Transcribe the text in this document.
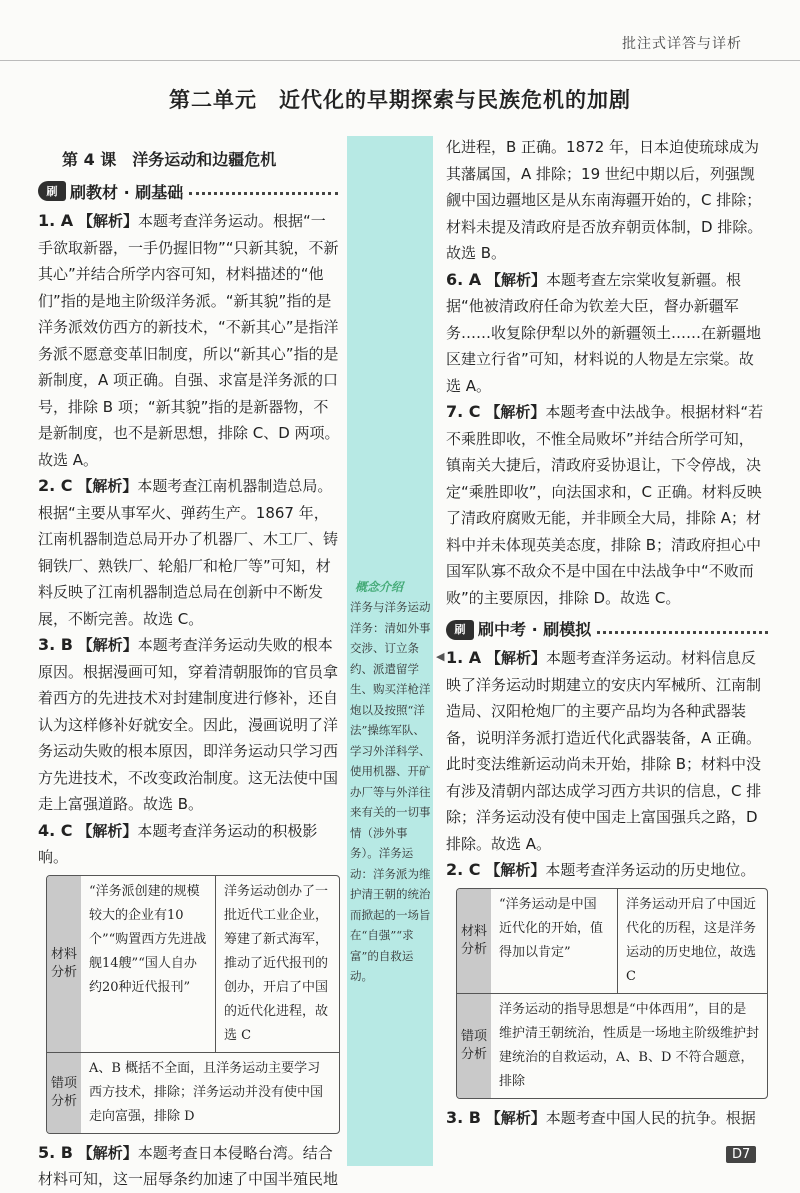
批注式详答与详析
第二单元　近代化的早期探索与民族危机的加剧
第 4 课　洋务运动和边疆危机
概念介绍
洋务与洋务运动　洋务：清如外事交涉、订立条约、派遣留学生、购买洋枪洋炮以及按照“洋法”操练军队、学习外洋科学、使用机器、开矿办厂等与外洋往来有关的一切事情（涉外事务）。洋务运动：洋务派为维护清王朝的统治而掀起的一场旨在“自强”“求富”的自救运动。
◀
刷 刷教材 · 刷基础

1. A 【解析】本题考查洋务运动。根据“一手欲取新器，一手仍握旧物”“只新其貌，不新其心”并结合所学内容可知，材料描述的“他们”指的是地主阶级洋务派。“新其貌”指的是洋务派效仿西方的新技术，“不新其心”是指洋务派不愿意变革旧制度，所以“新其心”指的是新制度，A 项正确。自强、求富是洋务派的口号，排除 B 项；“新其貌”指的是新器物，不是新制度，也不是新思想，排除 C、D 两项。故选 A。

2. C 【解析】本题考查江南机器制造总局。根据“主要从事军火、弹药生产。1867 年，江南机器制造总局开办了机器厂、木工厂、铸铜铁厂、熟铁厂、轮船厂和枪厂等”可知，材料反映了江南机器制造总局在创新中不断发展，不断完善。故选 C。

3. B 【解析】本题考查洋务运动失败的根本原因。根据漫画可知，穿着清朝服饰的官员拿着西方的先进技术对封建制度进行修补，还自认为这样修补好就安全。因此，漫画说明了洋务运动失败的根本原因，即洋务运动只学习西方先进技术，不改变政治制度。这无法使中国走上富强道路。故选 B。

4. C 【解析】本题考查洋务运动的积极影响。

材料分析
“洋务派创建的规模较大的企业有10个”“购置西方先进战舰14艘”“国人自办约20种近代报刊”
洋务运动创办了一批近代工业企业，筹建了新式海军，推动了近代报刊的创办，开启了中国的近代化进程，故选 C
错项分析
A、B 概括不全面，且洋务运动主要学习西方技术，排除；洋务运动并没有使中国走向富强，排除 D

5. B 【解析】本题考查日本侵略台湾。结合材料可知，这一屈辱条约加速了中国半殖民地

化进程，B 正确。1872 年，日本迫使琉球成为其藩属国，A 排除；19 世纪中期以后，列强觊觎中国边疆地区是从东南海疆开始的，C 排除；材料未提及清政府是否放弃朝贡体制，D 排除。故选 B。

6. A 【解析】本题考查左宗棠收复新疆。根据“他被清政府任命为钦差大臣，督办新疆军务……收复除伊犁以外的新疆领土……在新疆地区建立行省”可知，材料说的人物是左宗棠。故选 A。

7. C 【解析】本题考查中法战争。根据材料“若不乘胜即收，不惟全局败坏”并结合所学可知，镇南关大捷后，清政府妥协退让，下令停战，决定“乘胜即收”，向法国求和，C 正确。材料反映了清政府腐败无能，并非顾全大局，排除 A；材料中并未体现英美态度，排除 B；清政府担心中国军队寡不敌众不是中国在中法战争中“不败而败”的主要原因，排除 D。故选 C。

刷 刷中考 · 刷模拟

1. A 【解析】本题考查洋务运动。材料信息反映了洋务运动时期建立的安庆内军械所、江南制造局、汉阳枪炮厂的主要产品均为各种武器装备，说明洋务派打造近代化武器装备，A 正确。此时变法维新运动尚未开始，排除 B；材料中没有涉及清朝内部达成学习西方共识的信息，C 排除；洋务运动没有使中国走上富国强兵之路，D 排除。故选 A。

2. C 【解析】本题考查洋务运动的历史地位。

材料分析
“洋务运动是中国近代化的开始，值得加以肯定”
洋务运动开启了中国近代化的历程，这是洋务运动的历史地位，故选 C
错项分析
洋务运动的指导思想是“中体西用”，目的是维护清王朝统治，性质是一场地主阶级维护封建统治的自救运动，A、B、D 不符合题意，排除

3. B 【解析】本题考查中国人民的抗争。根据

D7
